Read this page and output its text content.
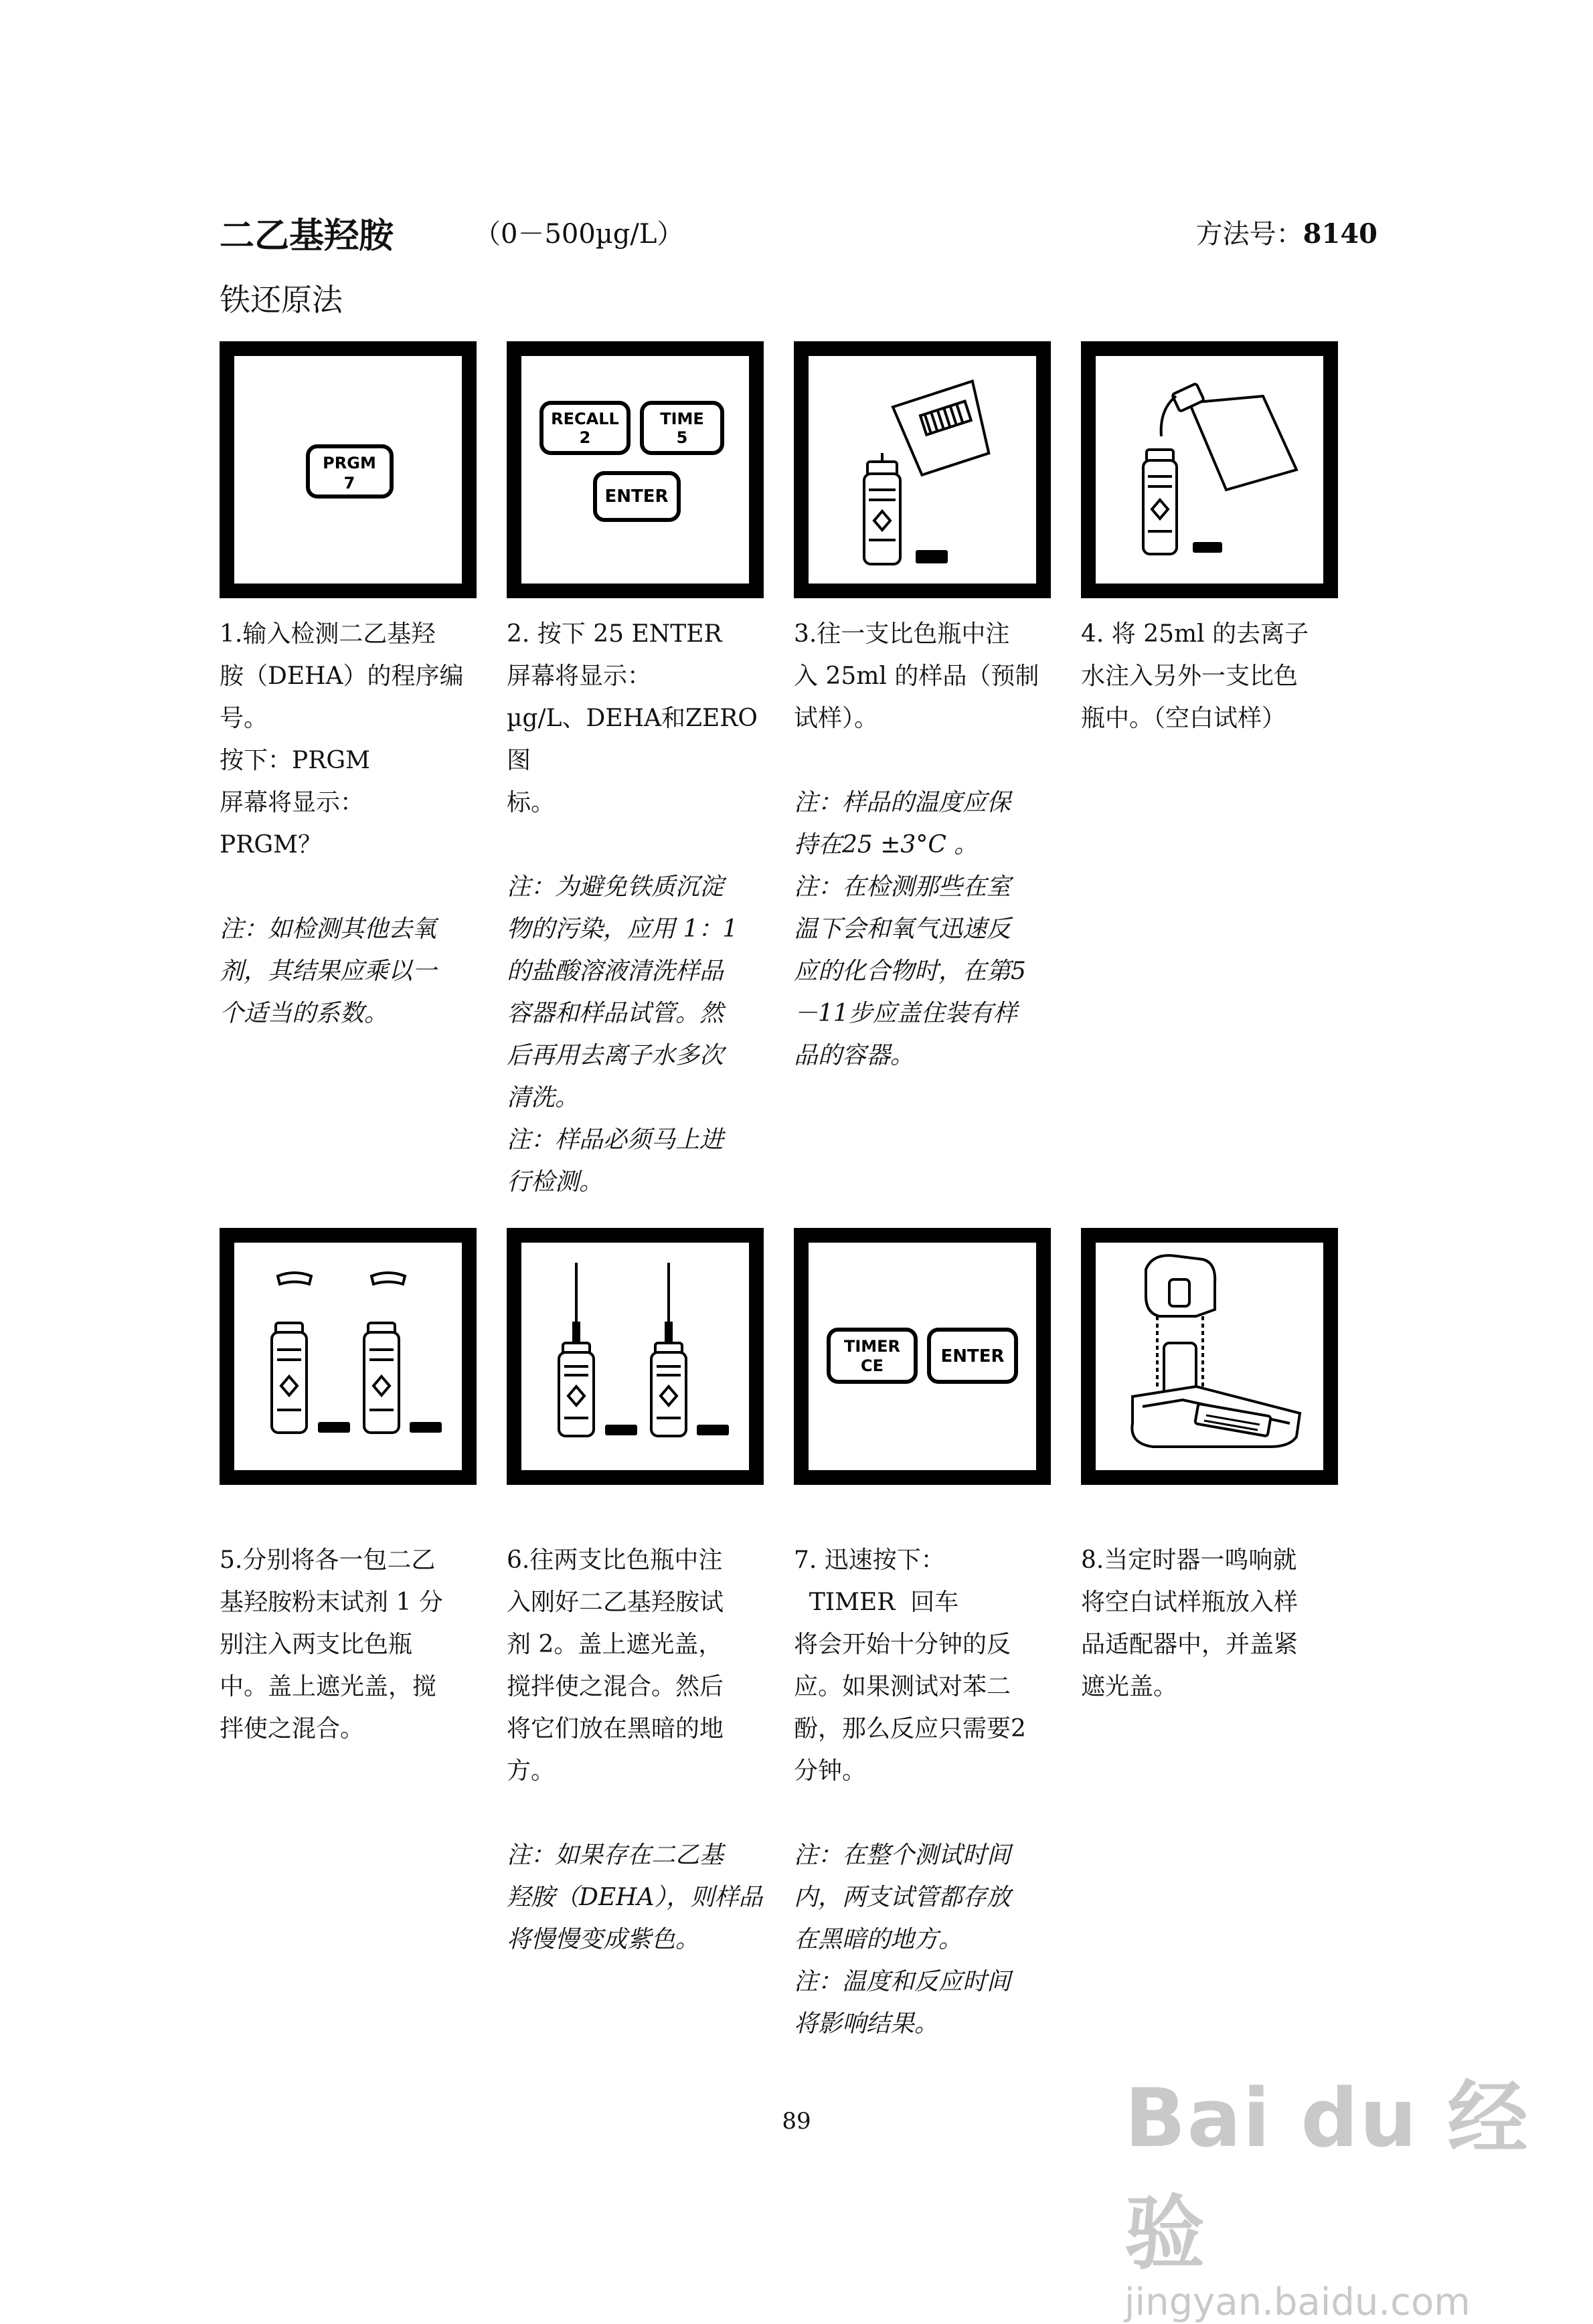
二乙基羟胺	（0－500µg/L）	方法号：8140
铁还原法
PRGM
7
RECALL
2
TIME
5
ENTER

1.输入检测二乙基羟

胺（DEHA）的程序编

号。

按下：PRGM

屏幕将显示：

PRGM？

注：如检测其他去氧

剂，其结果应乘以一

个适当的系数。

2. 按下 25 ENTER

屏幕将显示：

µg/L、DEHA和ZERO图

标。

注：为避免铁质沉淀

物的污染，应用 1：1

的盐酸溶液清洗样品

容器和样品试管。然

后再用去离子水多次

清洗。

注：样品必须马上进

行检测。

3.往一支比色瓶中注

入 25ml 的样品（预制

试样）。

注：样品的温度应保

持在25 ±3°C 。

注：在检测那些在室

温下会和氧气迅速反

应的化合物时，在第5

－11步应盖住装有样

品的容器。

4. 将 25ml 的去离子

水注入另外一支比色

瓶中。（空白试样）

TIMER
CE	ENTER

5.分别将各一包二乙

基羟胺粉末试剂 1 分

别注入两支比色瓶

中。盖上遮光盖，搅

拌使之混合。

6.往两支比色瓶中注

入刚好二乙基羟胺试

剂 2。盖上遮光盖，

搅拌使之混合。然后

将它们放在黑暗的地

方。

注：如果存在二乙基

羟胺（DEHA），则样品

将慢慢变成紫色。

7. 迅速按下：

TIMER  回车

将会开始十分钟的反

应。如果测试对苯二

酚，那么反应只需要2

分钟。

注：在整个测试时间

内，两支试管都存放

在黑暗的地方。

注：温度和反应时间

将影响结果。

8.当定时器一鸣响就

将空白试样瓶放入样

品适配器中，并盖紧

遮光盖。

89	Bai du 经验
jingyan.baidu.com
